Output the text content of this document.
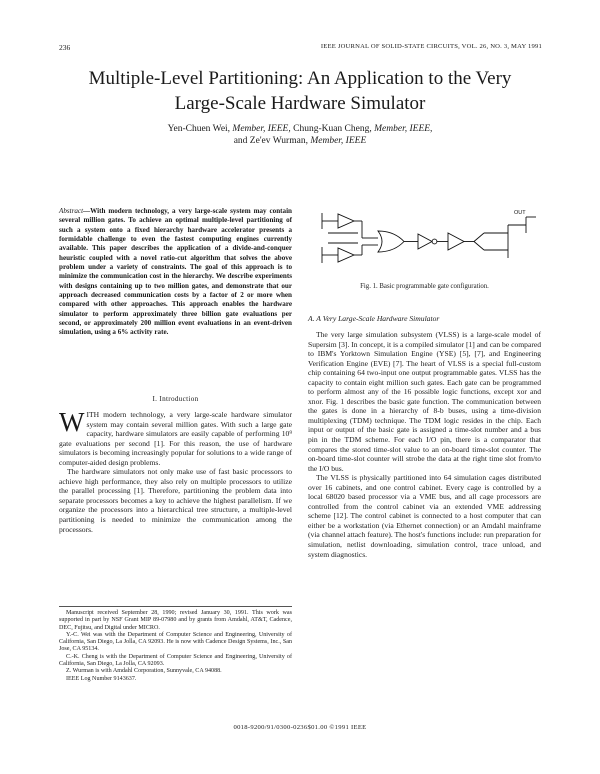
236	IEEE JOURNAL OF SOLID-STATE CIRCUITS, VOL. 26, NO. 3, MAY 1991
Multiple-Level Partitioning: An Application to the Very Large-Scale Hardware Simulator
Yen-Chuen Wei, Member, IEEE, Chung-Kuan Cheng, Member, IEEE,
and Ze'ev Wurman, Member, IEEE
Abstract—With modern technology, a very large-scale system may contain several million gates. To achieve an optimal multiple-level partitioning of such a system onto a fixed hierarchy hardware accelerator presents a formidable challenge to even the fastest computing engines currently available. This paper describes the application of a divide-and-conquer heuristic coupled with a novel ratio-cut algorithm that solves the above problem under a variety of constraints. The goal of this approach is to minimize the communication cost in the hierarchy. We describe experiments with designs containing up to two million gates, and demonstrate that our approach decreased communication costs by a factor of 2 or more when compared with other approaches. This approach enables the hardware simulator to perform approximately three billion gate evaluations per second, or approximately 200 million event evaluations in an event-driven simulation, using a 6% activity rate.
I. Introduction

WITH modern technology, a very large-scale hardware simulator system may contain several million gates. With such a large gate capacity, hardware simulators are easily capable of performing 10⁹ gate evaluations per second [1]. For this reason, the use of hardware simulators is becoming increasingly popular for solutions to a wide range of computer-aided design problems.

The hardware simulators not only make use of fast basic processors to achieve high performance, they also rely on multiple processors to utilize the parallel processing [1]. Therefore, partitioning the problem data into separate processors becomes a key to achieve the highest parallelism. If we organize the processors into a hierarchical tree structure, a multiple-level partitioning is needed to minimize the communication among the processors.

Manuscript received September 28, 1990; revised January 30, 1991. This work was supported in part by NSF Grant MIP 89-07980 and by grants from Amdahl, AT&T, Cadence, DEC, Fujitsu, and Digital under MICRO.

Y.-C. Wei was with the Department of Computer Science and Engineering, University of California, San Diego, La Jolla, CA 92093. He is now with Cadence Design Systems, Inc., San Jose, CA 95134.

C.-K. Cheng is with the Department of Computer Science and Engineering, University of California, San Diego, La Jolla, CA 92093.

Z. Wurman is with Amdahl Corporation, Sunnyvale, CA 94088.

IEEE Log Number 9143637.

OUT
Fig. 1. Basic programmable gate configuration.
A. A Very Large-Scale Hardware Simulator

The very large simulation subsystem (VLSS) is a large-scale model of Supersim [3]. In concept, it is a compiled simulator [1] and can be compared to IBM's Yorktown Simulation Engine (YSE) [5], [7], and Engineering Verification Engine (EVE) [7]. The heart of VLSS is a special full-custom chip containing 64 two-input one output programmable gates. VLSS has the capacity to contain eight million such gates. Each gate can be programmed to perform almost any of the 16 possible logic functions, except xor and xnor. Fig. 1 describes the basic gate function. The communication between the gates is done in a hierarchy of 8-b buses, using a time-division multiplexing (TDM) technique. The TDM logic resides in the chip. Each input or output of the basic gate is assigned a time-slot number and a bus pin in the TDM scheme. For each I/O pin, there is a comparator that compares the stored time-slot value to an on-board time-slot counter. The on-board time-slot counter will strobe the data at the right time slot from/to the I/O bus.

The VLSS is physically partitioned into 64 simulation cages distributed over 16 cabinets, and one control cabinet. Every cage is controlled by a local 68020 based processor via a VME bus, and all cage processors are controlled from the control cabinet via an extended VME addressing scheme [12]. The control cabinet is connected to a host computer that can either be a workstation (via Ethernet connection) or an Amdahl mainframe (via channel attach feature). The host's functions include: run preparation for simulation, netlist downloading, simulation control, trace unload, and system diagnostics.

0018-9200/91/0300-0236$01.00 ©1991 IEEE
